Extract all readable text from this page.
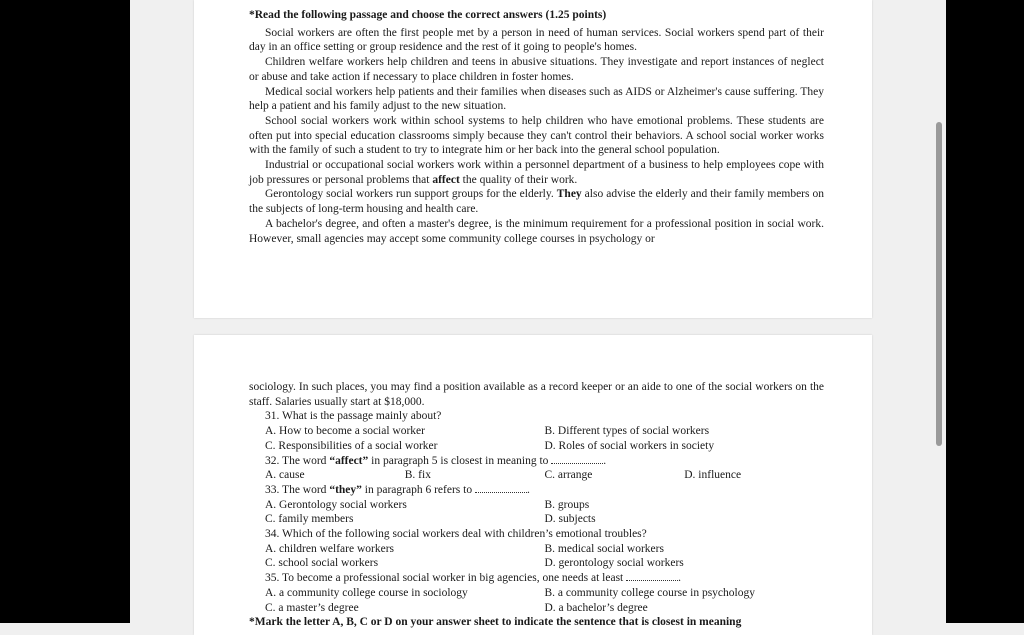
*Read the following passage and choose the correct answers (1.25 points)

Social workers are often the first people met by a person in need of human services. Social workers spend part of their day in an office setting or group residence and the rest of it going to people's homes.

Children welfare workers help children and teens in abusive situations. They investigate and report instances of neglect or abuse and take action if necessary to place children in foster homes.

Medical social workers help patients and their families when diseases such as AIDS or Alzheimer's cause suffering. They help a patient and his family adjust to the new situation.

School social workers work within school systems to help children who have emotional problems. These students are often put into special education classrooms simply because they can't control their behaviors. A school social worker works with the family of such a student to try to integrate him or her back into the general school population.

Industrial or occupational social workers work within a personnel department of a business to help employees cope with job pressures or personal problems that affect the quality of their work.

Gerontology social workers run support groups for the elderly. They also advise the elderly and their family members on the subjects of long-term housing and health care.

A bachelor's degree, and often a master's degree, is the minimum requirement for a professional position in social work. However, small agencies may accept some community college courses in psychology or

sociology. In such places, you may find a position available as a record keeper or an aide to one of the social workers on the staff. Salaries usually start at $18,000.
31. What is the passage mainly about?
A. How to become a social worker	B. Different types of social workers
C. Responsibilities of a social worker	D. Roles of social workers in society
32. The word “affect” in paragraph 5 is closest in meaning to	.
A. cause	B. fix	C. arrange	D. influence
33. The word “they” in paragraph 6 refers to	.
A. Gerontology social workers	B. groups
C. family members	D. subjects
34. Which of the following social workers deal with children’s emotional troubles?
A. children welfare workers	B. medical social workers
C. school social workers	D. gerontology social workers
35. To become a professional social worker in big agencies, one needs at least	.
A. a community college course in sociology	B. a community college course in psychology
C. a master’s degree	D. a bachelor’s degree
*Mark the letter A, B, C or D on your answer sheet to indicate the sentence that is closest in meaning
